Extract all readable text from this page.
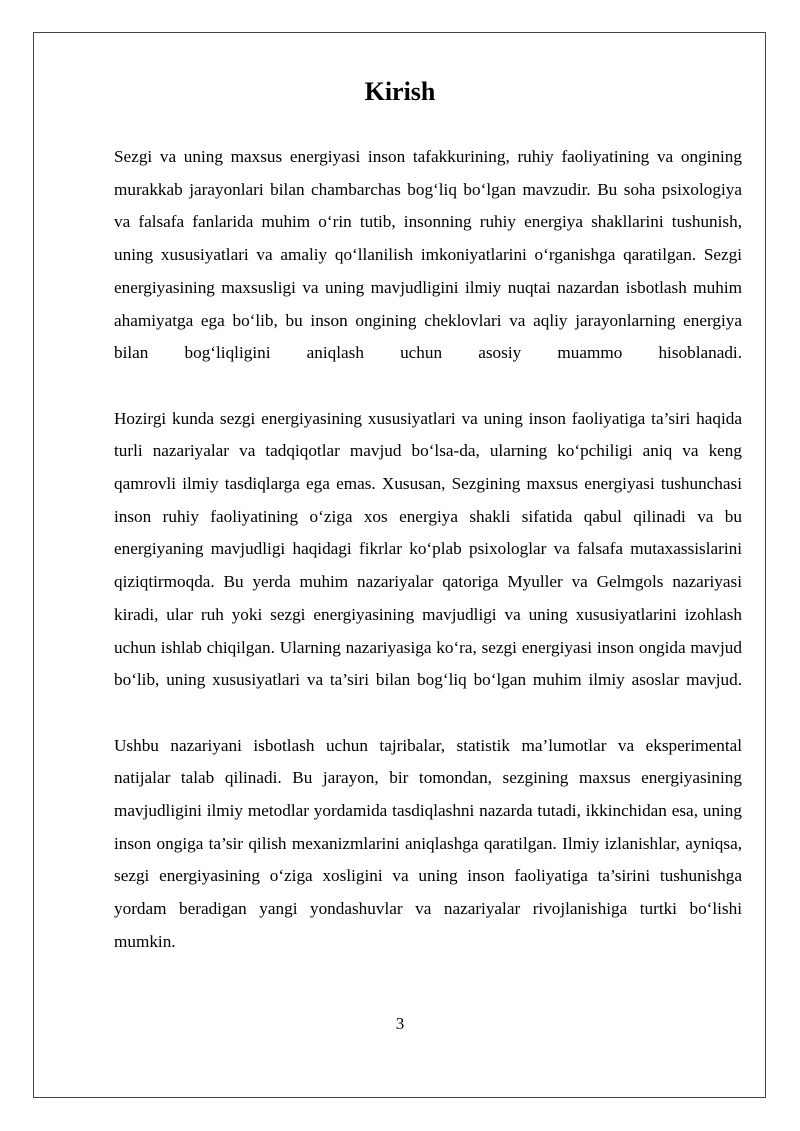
Kirish

Sezgi va uning maxsus energiyasi inson tafakkurining, ruhiy faoliyatining va ongining murakkab jarayonlari bilan chambarchas bog‘liq bo‘lgan mavzudir. Bu soha psixologiya va falsafa fanlarida muhim o‘rin tutib, insonning ruhiy energiya shakllarini tushunish, uning xususiyatlari va amaliy qo‘llanilish imkoniyatlarini o‘rganishga qaratilgan. Sezgi energiyasining maxsusligi va uning mavjudligini ilmiy nuqtai nazardan isbotlash muhim ahamiyatga ega bo‘lib, bu inson ongining cheklovlari va aqliy jarayonlarning energiya bilan bog‘liqligini aniqlash uchun asosiy muammo hisoblanadi.

Hozirgi kunda sezgi energiyasining xususiyatlari va uning inson faoliyatiga ta’siri haqida turli nazariyalar va tadqiqotlar mavjud bo‘lsa-da, ularning ko‘pchiligi aniq va keng qamrovli ilmiy tasdiqlarga ega emas. Xususan, Sezgining maxsus energiyasi tushunchasi inson ruhiy faoliyatining o‘ziga xos energiya shakli sifatida qabul qilinadi va bu energiyaning mavjudligi haqidagi fikrlar ko‘plab psixologlar va falsafa mutaxassislarini qiziqtirmoqda. Bu yerda muhim nazariyalar qatoriga Myuller va Gelmgols nazariyasi kiradi, ular ruh yoki sezgi energiyasining mavjudligi va uning xususiyatlarini izohlash uchun ishlab chiqilgan. Ularning nazariyasiga ko‘ra, sezgi energiyasi inson ongida mavjud bo‘lib, uning xususiyatlari va ta’siri bilan bog‘liq bo‘lgan muhim ilmiy asoslar mavjud.

Ushbu nazariyani isbotlash uchun tajribalar, statistik ma’lumotlar va eksperimental natijalar talab qilinadi. Bu jarayon, bir tomondan, sezgining maxsus energiyasining mavjudligini ilmiy metodlar yordamida tasdiqlashni nazarda tutadi, ikkinchidan esa, uning inson ongiga ta’sir qilish mexanizmlarini aniqlashga qaratilgan. Ilmiy izlanishlar, ayniqsa, sezgi energiyasining o‘ziga xosligini va uning inson faoliyatiga ta’sirini tushunishga yordam beradigan yangi yondashuvlar va nazariyalar rivojlanishiga turtki bo‘lishi mumkin.

3
